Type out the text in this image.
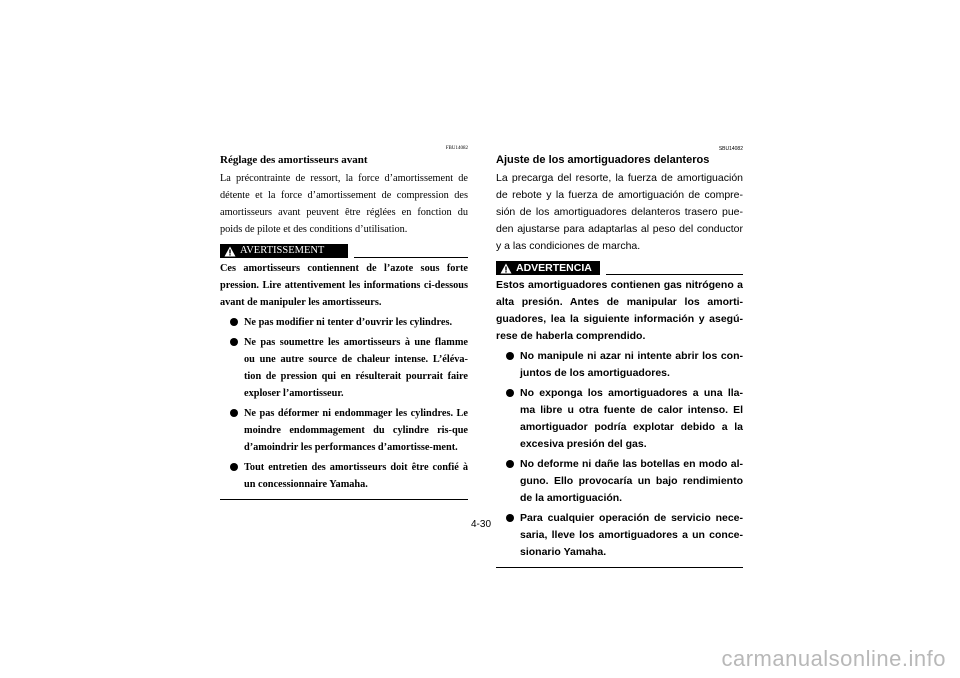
FBU14082
Réglage des amortisseurs avant
La précontrainte de ressort, la force d’amortissement de détente et la force d’amortissement de compression des amortisseurs avant peuvent être réglées en fonction du poids de pilote et des conditions d’utilisation.
AVERTISSEMENT
Ces amortisseurs contiennent de l’azote sous forte pression. Lire attentivement les informations ci-dessous avant de manipuler les amortisseurs.
Ne pas modifier ni tenter d’ouvrir les cylindres.
Ne pas soumettre les amortisseurs à une flamme ou une autre source de chaleur intense. L’éléva-tion de pression qui en résulterait pourrait faire exploser l’amortisseur.
Ne pas déformer ni endommager les cylindres. Le moindre endommagement du cylindre ris-que d’amoindrir les performances d’amortisse-ment.
Tout entretien des amortisseurs doit être confié à un concessionnaire Yamaha.
SBU14082
Ajuste de los amortiguadores delanteros
La precarga del resorte, la fuerza de amortiguación de rebote y la fuerza de amortiguación de compre-sión de los amortiguadores delanteros trasero pue-den ajustarse para adaptarlas al peso del conductor y a las condiciones de marcha.
ADVERTENCIA
Estos amortiguadores contienen gas nitrógeno a alta presión. Antes de manipular los amorti-guadores, lea la siguiente información y asegú-rese de haberla comprendido.
No manipule ni azar ni intente abrir los con-juntos de los amortiguadores.
No exponga los amortiguadores a una lla-ma libre u otra fuente de calor intenso. El amortiguador podría explotar debido a la excesiva presión del gas.
No deforme ni dañe las botellas en modo al-guno. Ello provocaría un bajo rendimiento de la amortiguación.
Para cualquier operación de servicio nece-saria, lleve los amortiguadores a un conce-sionario Yamaha.
4-30
carmanualsonline.info
